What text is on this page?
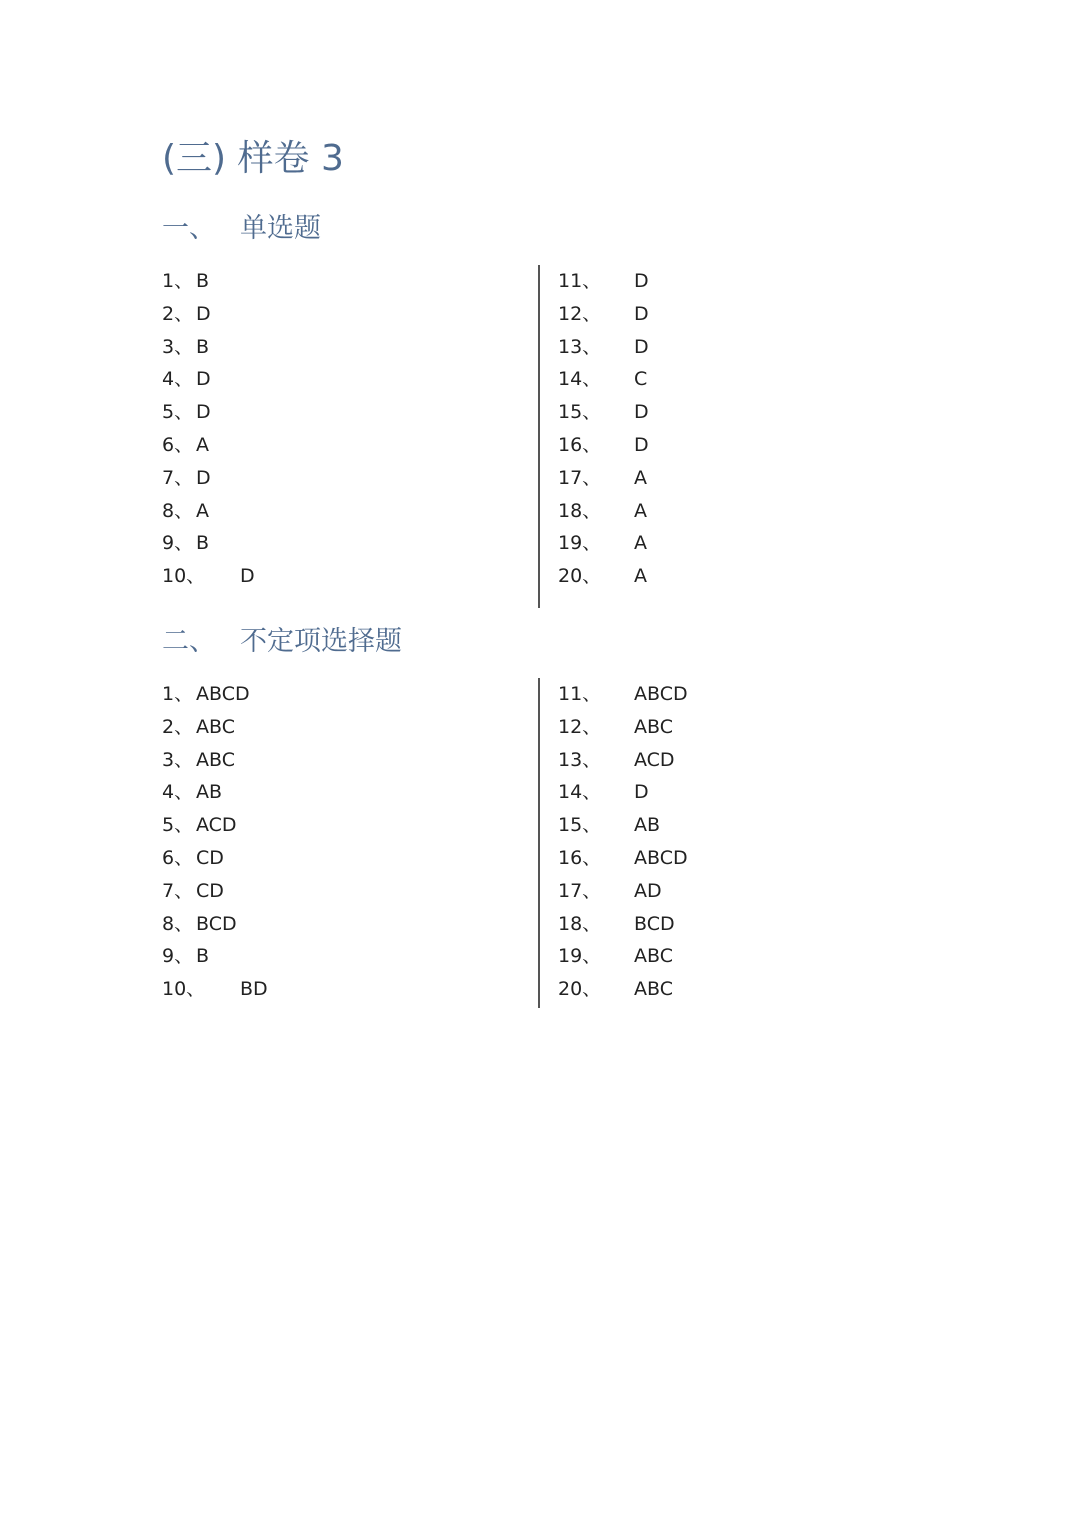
(三) 样卷 3
一、 单选题
1、 B
2、 D
3、 B
4、 D
5、 D
6、 A
7、 D
8、 A
9、 B
10、 D
11、 D
12、 D
13、 D
14、 C
15、 D
16、 D
17、 A
18、 A
19、 A
20、 A
二、 不定项选择题
1、 ABCD
2、 ABC
3、 ABC
4、 AB
5、 ACD
6、 CD
7、 CD
8、 BCD
9、 B
10、 BD
11、 ABCD
12、 ABC
13、 ACD
14、 D
15、 AB
16、 ABCD
17、 AD
18、 BCD
19、 ABC
20、 ABC
